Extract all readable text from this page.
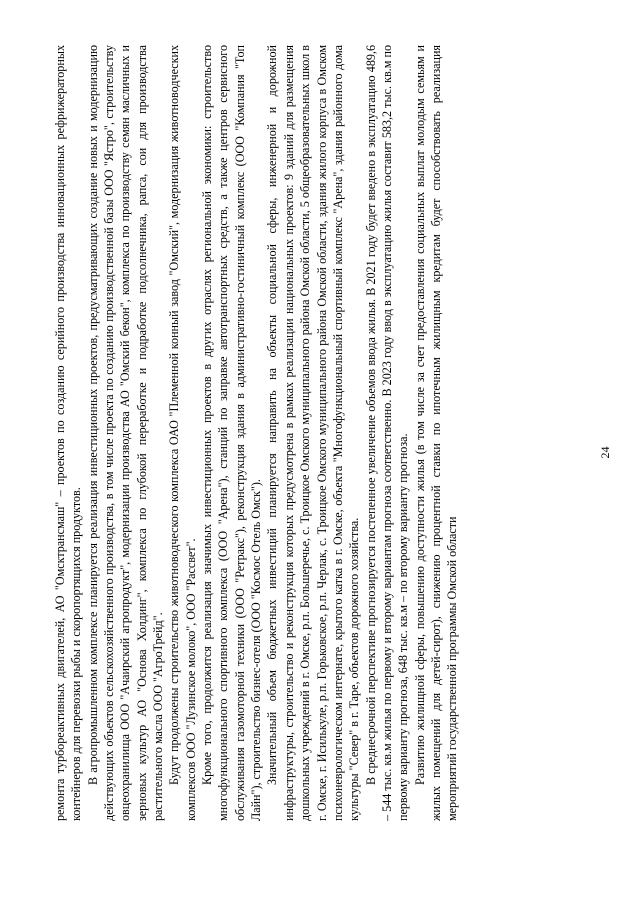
24

ремонта турбореактивных двигателей, АО "Омсктрансмаш" – проектов по созданию серийного производства инновационных рефрижераторных контейнеров для перевозки рыбы и скоропортящихся продуктов. В агропромышленном комплексе планируется реализация инвестиционных проектов, предусматривающих создание новых и модернизацию действующих объектов сельскохозяйственного производства, в том числе проекта по созданию производственной базы ООО "Ястро", строительству овцеохранилища ООО "Ачаирский агропродукт", модернизации производства АО "Омский бекон", комплекса по производству семян масличных и зерновых культур АО "Основа Холдинг", комплекса по глубокой переработке и подработке подсолнечника, рапса, сои для производства растительного масла ООО "АгроТрейд". Будут продолжены строительство животноводческого комплекса ОАО "Племенной конный завод "Омский", модернизация животноводческих комплексов ООО "Лузинское молоко", ООО "Рассвет". Кроме того, продолжится реализация значимых инвестиционных проектов в других отраслях региональной экономики: строительство многофункционального спортивного комплекса (ООО "Арена"), станций по заправке автотранспортных средств, а также центров сервисного обслуживания газомоторной техники (ООО "Ретракс"), реконструкция здания в административно-гостиничный комплекс (ООО "Компания "Топ Лайн"), строительство бизнес-отеля (ООО "Космос Отель Омск"). Значительный объем бюджетных инвестиций планируется направить на объекты социальной сферы, инженерной и дорожной инфраструктуры, строительство и реконструкция которых предусмотрена в рамках реализации национальных проектов: 9 зданий для размещения дошкольных учреждений в г. Омске, р.п. Большеречье, с. Троицкое Омского муниципального района Омской области, 5 общеобразовательных школ в г. Омске, г. Исилькуле, р.п. Горьковское, р.п. Черлак, с. Троицкое Омского муниципального района Омской области, здания жилого корпуса в Омском психоневрологическом интернате, крытого катка в г. Омске, объекта "Многофункциональный спортивный комплекс "Арена", здания районного дома культуры "Север" в г. Таре, объектов дорожного хозяйства. В среднесрочной перспективе прогнозируется постепенное увеличение объемов ввода жилья. В 2021 году будет введено в эксплуатацию 489,6 – 544 тыс. кв.м жилья по первому и второму вариантам прогноза соответственно. В 2023 году ввод в эксплуатацию жилья составит 583,2 тыс. кв.м по первому варианту прогноза, 648 тыс. кв.м – по второму варианту прогноза. Развитию жилищной сферы, повышению доступности жилья (в том числе за счет предоставления социальных выплат молодым семьям и жилых помещений для детей-сирот), снижению процентной ставки по ипотечным жилищным кредитам будет способствовать реализация мероприятий государственной программы Омской области
